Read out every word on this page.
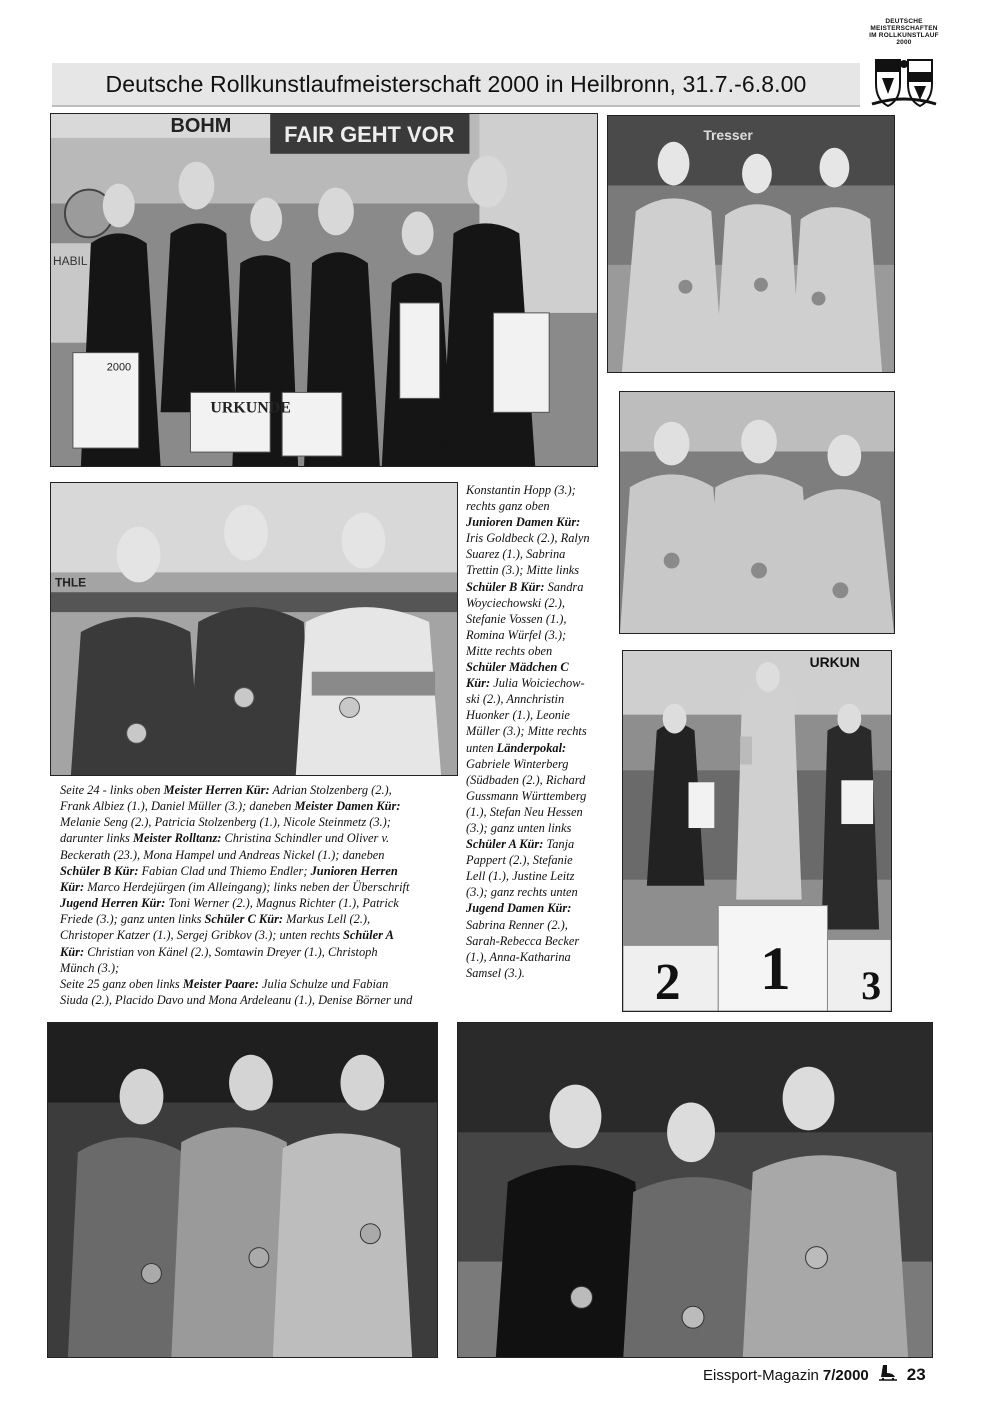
DEUTSCHE
MEISTERSCHAFTEN
IM ROLLKUNSTLAUF
2000
Deutsche Rollkunstlaufmeisterschaft 2000 in Heilbronn, 31.7.-6.8.00
BOHM FAIR GEHT VOR
HABIL
URKUNDE
2000
Tresser
THLE
URKUN
2 1 3
Konstantin Hopp (3.);
rechts ganz oben
Junioren Damen Kür:
Iris Goldbeck (2.), Ralyn
Suarez (1.), Sabrina
Trettin (3.); Mitte links
Schüler B Kür: Sandra
Woyciechowski (2.),
Stefanie Vossen (1.),
Romina Würfel (3.);
Mitte rechts oben
Schüler Mädchen C
Kür: Julia Woiciechow-
ski (2.), Annchristin
Huonker (1.), Leonie
Müller (3.); Mitte rechts
unten Länderpokal:
Gabriele Winterberg
(Südbaden (2.), Richard
Gussmann Württemberg
(1.), Stefan Neu Hessen
(3.); ganz unten links
Schüler A Kür: Tanja
Pappert (2.), Stefanie
Lell (1.), Justine Leitz
(3.); ganz rechts unten
Jugend Damen Kür:
Sabrina Renner (2.),
Sarah-Rebecca Becker
(1.), Anna-Katharina
Samsel (3.).
Seite 24 - links oben Meister Herren Kür: Adrian Stolzenberg (2.),
Frank Albiez (1.), Daniel Müller (3.); daneben Meister Damen Kür:
Melanie Seng (2.), Patricia Stolzenberg (1.), Nicole Steinmetz (3.);
darunter links Meister Rolltanz: Christina Schindler und Oliver v.
Beckerath (23.), Mona Hampel und Andreas Nickel (1.); daneben
Schüler B Kür: Fabian Clad und Thiemo Endler; Junioren Herren
Kür: Marco Herdejürgen (im Alleingang); links neben der Überschrift
Jugend Herren Kür: Toni Werner (2.), Magnus Richter (1.), Patrick
Friede (3.); ganz unten links Schüler C Kür: Markus Lell (2.),
Christoper Katzer (1.), Sergej Gribkov (3.); unten rechts Schüler A
Kür: Christian von Känel (2.), Somtawin Dreyer (1.), Christoph
Münch (3.);
Seite 25 ganz oben links Meister Paare: Julia Schulze und Fabian
Siuda (2.), Placido Davo und Mona Ardeleanu (1.), Denise Börner und
Eissport-Magazin 7/2000 23
